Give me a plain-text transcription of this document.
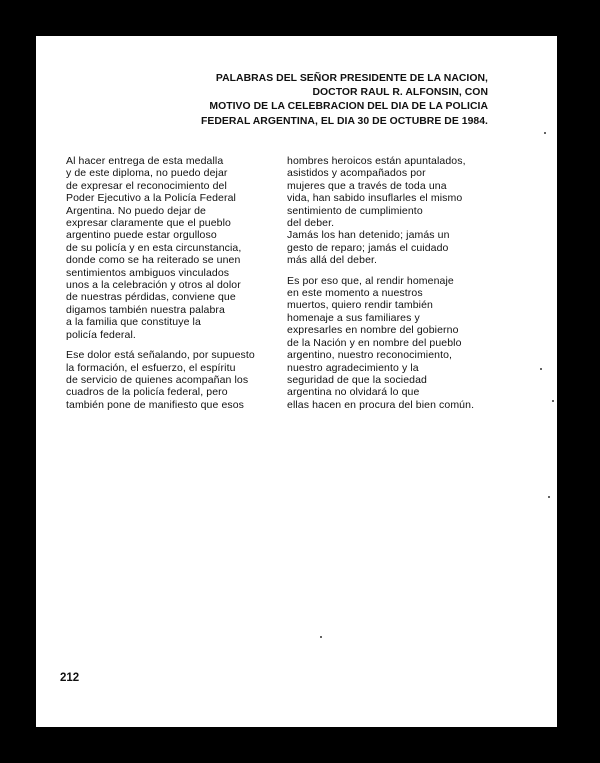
PALABRAS DEL SEÑOR PRESIDENTE DE LA NACION,
DOCTOR RAUL R. ALFONSIN, CON
MOTIVO DE LA CELEBRACION DEL DIA DE LA POLICIA
FEDERAL ARGENTINA, EL DIA 30 DE OCTUBRE DE 1984.

Al hacer entrega de esta medalla
y de este diploma, no puedo dejar
de expresar el reconocimiento del
Poder Ejecutivo a la Policía Federal
Argentina. No puedo dejar de
expresar claramente que el pueblo
argentino puede estar orgulloso
de su policía y en esta circunstancia,
donde como se ha reiterado se unen
sentimientos ambiguos vinculados
unos a la celebración y otros al dolor
de nuestras pérdidas, conviene que
digamos también nuestra palabra
a la familia que constituye la
policía federal.

Ese dolor está señalando, por supuesto
la formación, el esfuerzo, el espíritu
de servicio de quienes acompañan los
cuadros de la policía federal, pero
también pone de manifiesto que esos

hombres heroicos están apuntalados,
asistidos y acompañados por
mujeres que a través de toda una
vida, han sabido insuflarles el mismo
sentimiento de cumplimiento
del deber.
Jamás los han detenido; jamás un
gesto de reparo; jamás el cuidado
más allá del deber.

Es por eso que, al rendir homenaje
en este momento a nuestros
muertos, quiero rendir también
homenaje a sus familiares y
expresarles en nombre del gobierno
de la Nación y en nombre del pueblo
argentino, nuestro reconocimiento,
nuestro agradecimiento y la
seguridad de que la sociedad
argentina no olvidará lo que
ellas hacen en procura del bien común.

212
